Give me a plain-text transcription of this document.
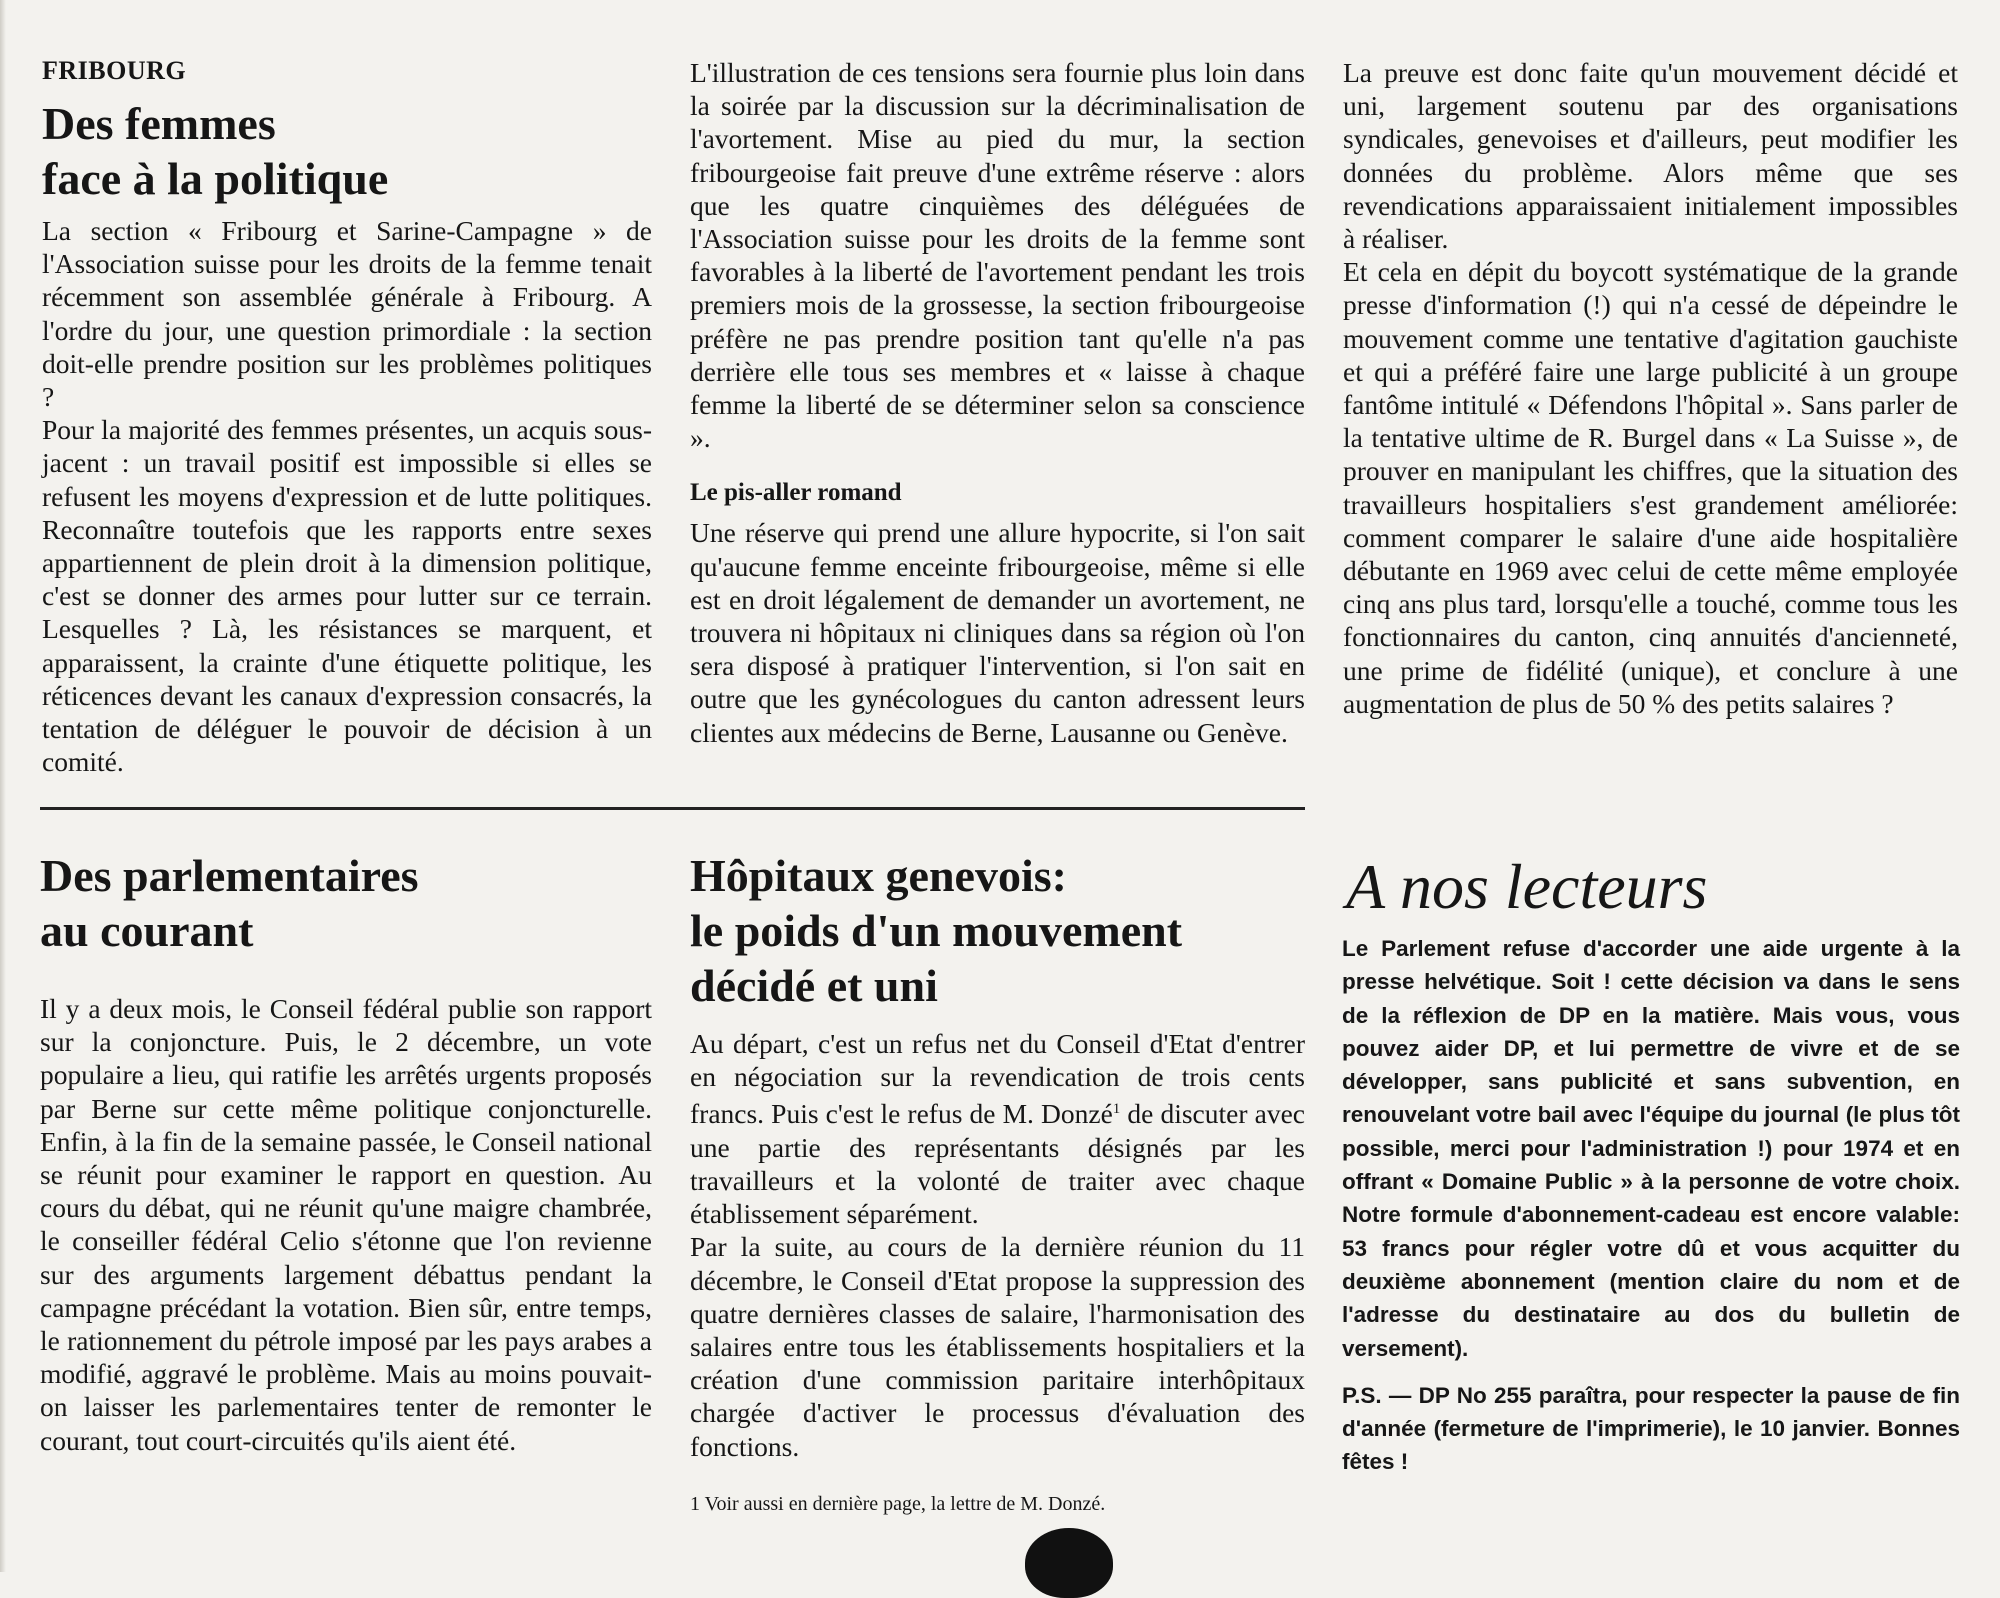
FRIBOURG
Des femmes
face à la politique

La section « Fribourg et Sarine-Campagne » de l'Association suisse pour les droits de la femme tenait récemment son assemblée générale à Fribourg. A l'ordre du jour, une question primordiale : la section doit-elle prendre position sur les problèmes politiques ?

Pour la majorité des femmes présentes, un acquis sous-jacent : un travail positif est impossible si elles se refusent les moyens d'expression et de lutte politiques. Reconnaître toutefois que les rapports entre sexes appartiennent de plein droit à la dimension politique, c'est se donner des armes pour lutter sur ce terrain. Lesquelles ? Là, les résistances se marquent, et apparaissent, la crainte d'une étiquette politique, les réticences devant les canaux d'expression consacrés, la tentation de déléguer le pouvoir de décision à un comité.

L'illustration de ces tensions sera fournie plus loin dans la soirée par la discussion sur la décriminalisation de l'avortement. Mise au pied du mur, la section fribourgeoise fait preuve d'une extrême réserve : alors que les quatre cinquièmes des déléguées de l'Association suisse pour les droits de la femme sont favorables à la liberté de l'avortement pendant les trois premiers mois de la grossesse, la section fribourgeoise préfère ne pas prendre position tant qu'elle n'a pas derrière elle tous ses membres et « laisse à chaque femme la liberté de se déterminer selon sa conscience ».

Le pis-aller romand

Une réserve qui prend une allure hypocrite, si l'on sait qu'aucune femme enceinte fribourgeoise, même si elle est en droit légalement de demander un avortement, ne trouvera ni hôpitaux ni cliniques dans sa région où l'on sera disposé à pratiquer l'intervention, si l'on sait en outre que les gynécologues du canton adressent leurs clientes aux médecins de Berne, Lausanne ou Genève.

La preuve est donc faite qu'un mouvement décidé et uni, largement soutenu par des organisations syndicales, genevoises et d'ailleurs, peut modifier les données du problème. Alors même que ses revendications apparaissaient initialement impossibles à réaliser.

Et cela en dépit du boycott systématique de la grande presse d'information (!) qui n'a cessé de dépeindre le mouvement comme une tentative d'agitation gauchiste et qui a préféré faire une large publicité à un groupe fantôme intitulé « Défendons l'hôpital ». Sans parler de la tentative ultime de R. Burgel dans « La Suisse », de prouver en manipulant les chiffres, que la situation des travailleurs hospitaliers s'est grandement améliorée: comment comparer le salaire d'une aide hospitalière débutante en 1969 avec celui de cette même employée cinq ans plus tard, lorsqu'elle a touché, comme tous les fonctionnaires du canton, cinq annuités d'ancienneté, une prime de fidélité (unique), et conclure à une augmentation de plus de 50 % des petits salaires ?

Des parlementaires
au courant

Il y a deux mois, le Conseil fédéral publie son rapport sur la conjoncture. Puis, le 2 décembre, un vote populaire a lieu, qui ratifie les arrêtés urgents proposés par Berne sur cette même politique conjoncturelle. Enfin, à la fin de la semaine passée, le Conseil national se réunit pour examiner le rapport en question. Au cours du débat, qui ne réunit qu'une maigre chambrée, le conseiller fédéral Celio s'étonne que l'on revienne sur des arguments largement débattus pendant la campagne précédant la votation. Bien sûr, entre temps, le rationnement du pétrole imposé par les pays arabes a modifié, aggravé le problème. Mais au moins pouvait-on laisser les parlementaires tenter de remonter le courant, tout court-circuités qu'ils aient été.

Hôpitaux genevois:
le poids d'un mouvement
décidé et uni

Au départ, c'est un refus net du Conseil d'Etat d'entrer en négociation sur la revendication de trois cents francs. Puis c'est le refus de M. Donzé$^1$ de discuter avec une partie des représentants désignés par les travailleurs et la volonté de traiter avec chaque établissement séparément.

Par la suite, au cours de la dernière réunion du 11 décembre, le Conseil d'Etat propose la suppression des quatre dernières classes de salaire, l'harmonisation des salaires entre tous les établissements hospitaliers et la création d'une commission paritaire interhôpitaux chargée d'activer le processus d'évaluation des fonctions.

1 Voir aussi en dernière page, la lettre de M. Donzé.

A nos lecteurs

Le Parlement refuse d'accorder une aide urgente à la presse helvétique. Soit ! cette décision va dans le sens de la réflexion de DP en la matière. Mais vous, vous pouvez aider DP, et lui permettre de vivre et de se développer, sans publicité et sans subvention, en renouvelant votre bail avec l'équipe du journal (le plus tôt possible, merci pour l'administration !) pour 1974 et en offrant « Domaine Public » à la personne de votre choix. Notre formule d'abonnement-cadeau est encore valable: 53 francs pour régler votre dû et vous acquitter du deuxième abonnement (mention claire du nom et de l'adresse du destinataire au dos du bulletin de versement).

P.S. — DP No 255 paraîtra, pour respecter la pause de fin d'année (fermeture de l'imprimerie), le 10 janvier. Bonnes fêtes !
